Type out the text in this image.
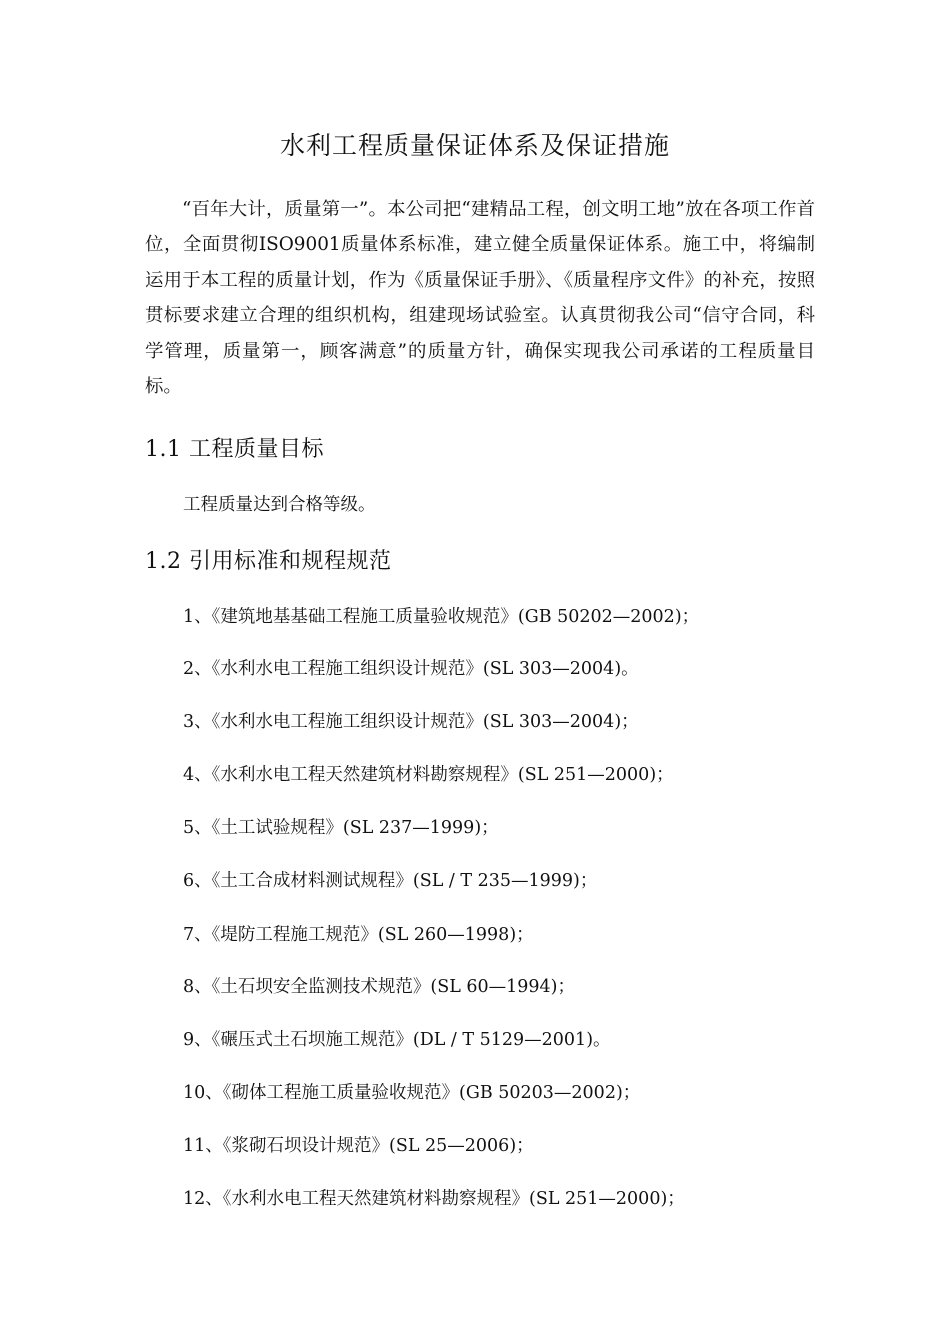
水利工程质量保证体系及保证措施

“百年大计，质量第一”。本公司把“建精品工程，创文明工地”放在各项工作首位，全面贯彻ISO9001质量体系标准，建立健全质量保证体系。施工中，将编制运用于本工程的质量计划，作为《质量保证手册》、《质量程序文件》的补充，按照贯标要求建立合理的组织机构，组建现场试验室。认真贯彻我公司“信守合同，科学管理，质量第一，顾客满意”的质量方针，确保实现我公司承诺的工程质量目标。

1.1 工程质量目标

工程质量达到合格等级。

1.2 引用标准和规程规范

1、《建筑地基基础工程施工质量验收规范》(GB 50202—2002)；

2、《水利水电工程施工组织设计规范》(SL 303—2004)。

3、《水利水电工程施工组织设计规范》(SL 303—2004)；

4、《水利水电工程天然建筑材料勘察规程》(SL 251—2000)；

5、《土工试验规程》(SL 237—1999)；

6、《土工合成材料测试规程》(SL / T 235—1999)；

7、《堤防工程施工规范》(SL 260—1998)；

8、《土石坝安全监测技术规范》(SL 60—1994)；

9、《碾压式土石坝施工规范》(DL / T 5129—2001)。

10、《砌体工程施工质量验收规范》(GB 50203—2002)；

11、《浆砌石坝设计规范》(SL 25—2006)；

12、《水利水电工程天然建筑材料勘察规程》(SL 251—2000)；
